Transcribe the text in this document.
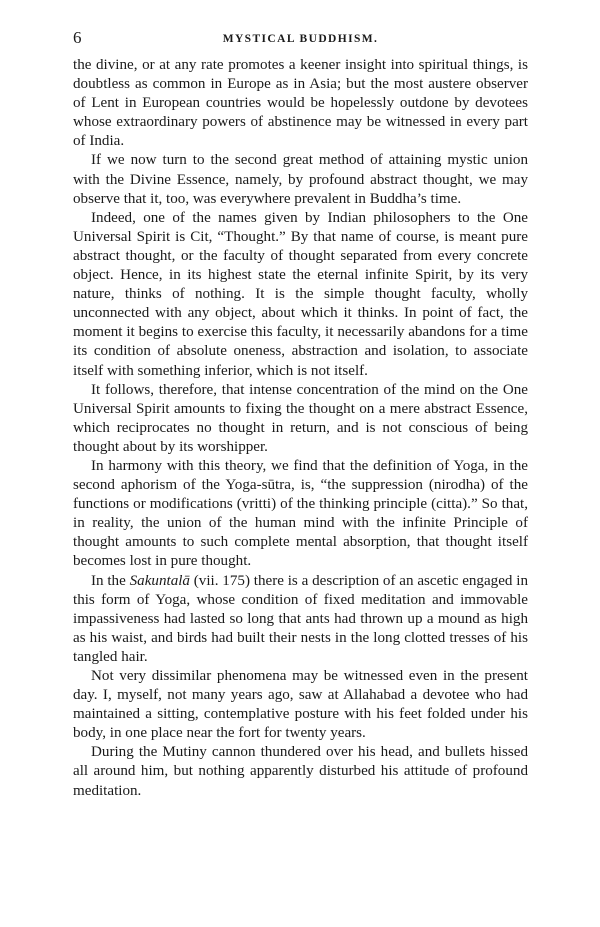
6	MYSTICAL BUDDHISM.

the divine, or at any rate promotes a keener insight into spiritual things, is doubtless as common in Europe as in Asia; but the most austere observer of Lent in European countries would be hopelessly outdone by devotees whose extraordinary powers of abstinence may be witnessed in every part of India.

If we now turn to the second great method of attaining mystic union with the Divine Essence, namely, by profound abstract thought, we may observe that it, too, was everywhere prevalent in Buddha’s time.

Indeed, one of the names given by Indian philosophers to the One Universal Spirit is Cit, “Thought.” By that name of course, is meant pure abstract thought, or the faculty of thought separated from every concrete object. Hence, in its highest state the eternal infinite Spirit, by its very nature, thinks of nothing. It is the simple thought faculty, wholly unconnected with any object, about which it thinks. In point of fact, the moment it begins to exercise this faculty, it necessarily abandons for a time its condition of absolute oneness, abstraction and isolation, to associate itself with something inferior, which is not itself.

It follows, therefore, that intense concentration of the mind on the One Universal Spirit amounts to fixing the thought on a mere abstract Essence, which reciprocates no thought in return, and is not conscious of being thought about by its worshipper.

In harmony with this theory, we find that the definition of Yoga, in the second aphorism of the Yoga-sūtra, is, “the suppression (nirodha) of the functions or modifications (vritti) of the thinking principle (citta).” So that, in reality, the union of the human mind with the infinite Principle of thought amounts to such complete mental absorption, that thought itself becomes lost in pure thought.

In the Sakuntalā (vii. 175) there is a description of an ascetic engaged in this form of Yoga, whose condition of fixed meditation and immovable impassiveness had lasted so long that ants had thrown up a mound as high as his waist, and birds had built their nests in the long clotted tresses of his tangled hair.

Not very dissimilar phenomena may be witnessed even in the present day. I, myself, not many years ago, saw at Allahabad a devotee who had maintained a sitting, contemplative posture with his feet folded under his body, in one place near the fort for twenty years.

During the Mutiny cannon thundered over his head, and bullets hissed all around him, but nothing apparently disturbed his attitude of profound meditation.
